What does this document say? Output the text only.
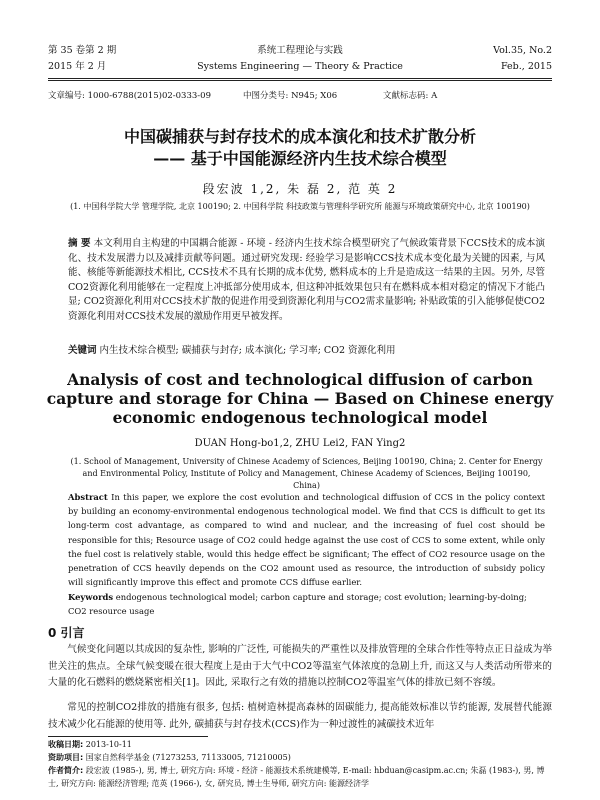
第 35 卷第 2 期	系统工程理论与实践	Vol.35, No.2
2015 年 2 月	Systems Engineering — Theory & Practice	Feb., 2015
文章编号: 1000-6788(2015)02-0333-09	中图分类号: N945; X06	文献标志码: A
中国碳捕获与封存技术的成本演化和技术扩散分析
—— 基于中国能源经济内生技术综合模型
段宏波 1,2, 朱 磊 2, 范 英 2
(1. 中国科学院大学 管理学院, 北京 100190; 2. 中国科学院 科技政策与管理科学研究所 能源与环境政策研究中心, 北京 100190)
摘 要 本文利用自主构建的中国耦合能源 - 环境 - 经济内生技术综合模型研究了气候政策背景下CCS技术的成本演化、技术发展潜力以及减排贡献等问题。通过研究发现: 经验学习是影响CCS技术成本变化最为关键的因素, 与风能、核能等新能源技术相比, CCS技术不具有长期的成本优势, 燃料成本的上升是造成这一结果的主因。另外, 尽管CO2资源化利用能够在一定程度上冲抵部分使用成本, 但这种冲抵效果包只有在燃料成本相对稳定的情况下才能凸显; CO2资源化利用对CCS技术扩散的促进作用受到资源化利用与CO2需求量影响; 补贴政策的引入能够促使CO2资源化利用对CCS技术发展的激励作用更早被发挥。
关键词 内生技术综合模型; 碳捕获与封存; 成本演化; 学习率; CO2 资源化利用
Analysis of cost and technological diffusion of carbon capture and storage for China — Based on Chinese energy economic endogenous technological model
DUAN Hong-bo1,2, ZHU Lei2, FAN Ying2
(1. School of Management, University of Chinese Academy of Sciences, Beijing 100190, China; 2. Center for Energy and Environmental Policy, Institute of Policy and Management, Chinese Academy of Sciences, Beijing 100190, China)
Abstract In this paper, we explore the cost evolution and technological diffusion of CCS in the policy context by building an economy-environmental endogenous technological model. We find that CCS is difficult to get its long-term cost advantage, as compared to wind and nuclear, and the increasing of fuel cost should be responsible for this; Resource usage of CO2 could hedge against the use cost of CCS to some extent, while only the fuel cost is relatively stable, would this hedge effect be significant; The effect of CO2 resource usage on the penetration of CCS heavily depends on the CO2 amount used as resource, the introduction of subsidy policy will significantly improve this effect and promote CCS diffuse earlier.
Keywords endogenous technological model; carbon capture and storage; cost evolution; learning-by-doing; CO2 resource usage
0 引言
气候变化问题以其成因的复杂性, 影响的广泛性, 可能损失的严重性以及排放管理的全球合作性等特点正日益成为举世关注的焦点。全球气候变暖在很大程度上是由于大气中CO2等温室气体浓度的急剧上升, 而这又与人类活动所带来的大量的化石燃料的燃烧紧密相关[1]。因此, 采取行之有效的措施以控制CO2等温室气体的排放已刻不容缓。
常见的控制CO2排放的措施有很多, 包括: 植树造林提高森林的固碳能力, 提高能效标准以节约能源, 发展替代能源技术减少化石能源的使用等. 此外, 碳捕获与封存技术(CCS)作为一种过渡性的减碳技术近年
收稿日期: 2013-10-11
资助项目: 国家自然科学基金 (71273253, 71133005, 71210005)
作者简介: 段宏波 (1985-), 男, 博士, 研究方向: 环境 - 经济 - 能源技术系统建模等, E-mail: hbduan@casipm.ac.cn; 朱磊 (1983-), 男, 博士, 研究方向: 能源经济管理; 范英 (1966-), 女, 研究员, 博士生导师, 研究方向: 能源经济学
